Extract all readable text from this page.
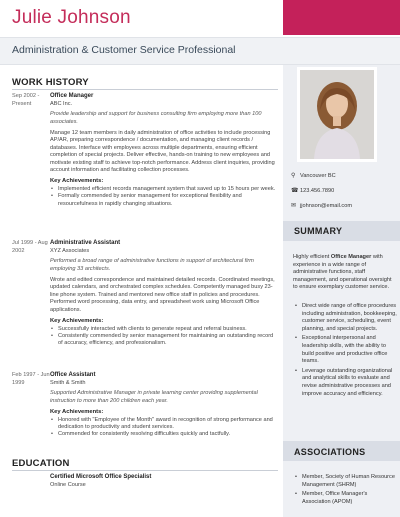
Julie Johnson
Administration & Customer Service Professional
WORK HISTORY
Sep 2002 - Present
Office Manager
ABC Inc.
Provide leadership and support for business consulting firm employing more than 100 associates.
Manage 12 team members in daily administration of office activities to include processing AP/AR, preparing correspondence / documentation, and managing client records / databases. Interface with employees across multiple departments, ensuring efficient completion of special projects. Deliver effective, hands-on training to new employees and motivate existing staff to achieve top-notch performance. Address client inquiries, providing account information and facilitating collection processes.
Key Achievements:
• Implemented efficient records management system that saved up to 15 hours per week.
• Formally commended by senior management for exceptional flexibility and resourcefulness in rapidly changing situations.
Jul 1999 - Aug 2002
Administrative Assistant
XYZ Associates
Performed a broad range of administrative functions in support of architectural firm employing 33 architects.
Wrote and edited correspondence and maintained detailed records. Coordinated meetings, updated calendars, and orchestrated complex schedules. Competently managed busy 23-line phone system. Trained and mentored new office staff in policies and procedures. Performed word processing, data entry, and spreadsheet work using Microsoft Office applications.
Key Achievements:
• Successfully interacted with clients to generate repeat and referral business.
• Consistently commended by senior management for maintaining an outstanding record of accuracy, efficiency, and professionalism.
Feb 1997 - Jun 1999
Office Assistant
Smith & Smith
Supported Administrative Manager in private learning center providing supplemental instruction to more than 200 children each year.
Key Achievements:
• Honored with "Employee of the Month" award in recognition of strong performance and dedication to productivity and student services.
• Commended for consistently resolving difficulties quickly and tactfully.
EDUCATION
Certified Microsoft Office Specialist
Online Course
⚲ Vancouver BC
☎ 123.456.7890
✉ jjohnson@email.com
SUMMARY
Highly efficient Office Manager with experience in a wide range of administrative functions, staff management, and operational oversight to ensure exemplary customer service.
• Direct wide range of office procedures including administration, bookkeeping, customer service, scheduling, event planning, and special projects.
• Exceptional interpersonal and leadership skills, with the ability to build positive and productive office teams.
• Leverage outstanding organizational and analytical skills to evaluate and revise administrative processes and improve accuracy and efficiency.
ASSOCIATIONS
• Member, Society of Human Resource Management (SHRM)
• Member, Office Manager's Association (APOM)
